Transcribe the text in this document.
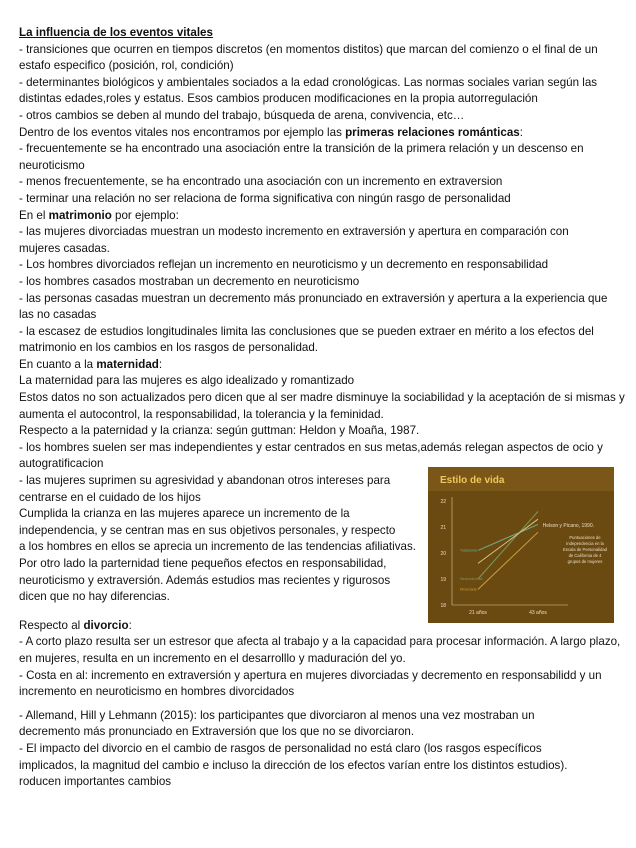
La influencia de los eventos vitales
- transiciones que ocurren en tiempos discretos (en momentos distitos) que marcan del comienzo o el final de un
estafo especifico (posición, rol, condición)
- determinantes biológicos y ambientales sociados a la edad cronológicas. Las normas sociales varian según las
distintas edades,roles y estatus. Esos cambios producen modificaciones en la propia autorregulación
- otros cambios se deben al mundo del trabajo, búsqueda de arena, convivencia, etc…
Dentro de los eventos vitales nos encontramos por ejemplo las primeras relaciones románticas:
- frecuentemente se ha encontrado una asociación entre la transición de la primera relación y un descenso en
neuroticismo
- menos frecuentemente, se ha encontrado una asociación con un incremento en extraversion
- terminar una relación no ser relaciona de forma significativa con ningún rasgo de personalidad
En el matrimonio por ejemplo:
- las mujeres divorciadas muestran un modesto incremento en extraversión y apertura en comparación con
mujeres casadas.
- Los hombres divorciados reflejan un incremento en neuroticismo y un decremento en responsabilidad
- los hombres casados mostraban un decremento en neuroticismo
- las personas casadas muestran un decremento más pronunciado en extraversión y apertura a la experiencia que
las no casadas
- la escasez de estudios longitudinales limita las conclusiones que se pueden extraer en mérito a los efectos del
matrimonio en los cambios en los rasgos de personalidad.
En cuanto a la maternidad:
La maternidad para las mujeres es algo idealizado y romantizado
Estos datos no son actualizados pero dicen que al ser madre disminuye la sociabilidad y la aceptación de si mismas y
aumenta el autocontrol, la responsabilidad, la tolerancia y la feminidad.
Respecto a la paternidad y la crianza: según guttman: Heldon y Moaña, 1987.
- los hombres suelen ser mas independientes y estar centrados en sus metas,además relegan aspectos de ocio y
autogratificacion
- las mujeres suprimen su agresividad y abandonan otros intereses para
centrarse en el cuidado de los hijos
Cumplida la crianza en las mujeres aparece un incremento de la
independencia, y se centran mas en sus objetivos personales, y respecto
a los hombres en ellos se aprecia un incremento de las tendencias afiliativas.
Por otro lado la parternidad tiene pequeños efectos en responsabilidad,
neuroticismo y extraversión. Además estudios mas recientes y rigurosos
dicen que no hay diferencias.
Respecto al divorcio:
- A corto plazo resulta ser un estresor que afecta al trabajo y a la capacidad para procesar información. A largo plazo,
en mujeres, resulta en un incremento en el desarrolllo y maduración del yo.
- Costa en al: incremento en extraversión y apertura en mujeres divorciadas y decremento en responsabilidd y un
incremento en neuroticismo en hombres divorcidados
- Allemand, Hill y Lehmann (2015): los participantes que divorciaron al menos una vez mostraban un
decremento más pronunciado en Extraversión que los que no se divorciaron.
- El impacto del divorcio en el cambio de rasgos de personalidad no está claro (los rasgos específicos
implicados, la magnitud del cambio e incluso la dirección de los efectos varían entre los distintos estudios).
roducen importantes cambios
Estilo de vida
22
21
20
19
18
21 años	43 años
Tradicional
Neotradicional
Divorciada
Helson y Picano, 1990.
Puntuaciones de
Independencia en la
Escala de Personalidad
de California de 4
grupos de mujeres
